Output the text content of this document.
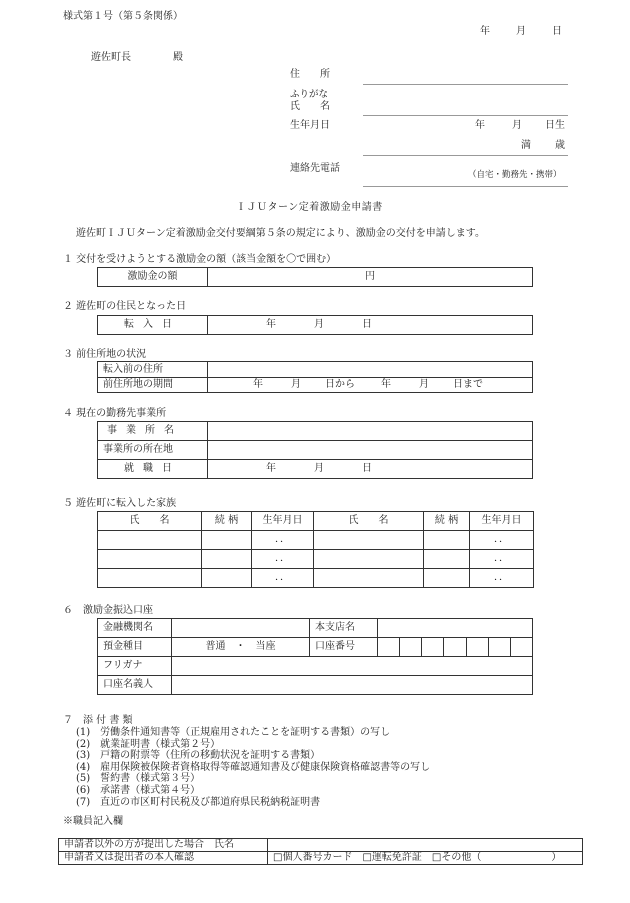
様式第１号（第５条関係）
年	月	日
遊佐町長	殿
住　　所
ふりがな
氏　　名
生年月日	年	月 日生
満 歳
連絡先電話
（自宅・勤務先・携帯）
ＩＪＵターン定着激励金申請書
遊佐町ＩＪＵターン定着激励金交付要綱第５条の規定により、激励金の交付を申請します。
１ 交付を受けようとする激励金の額（該当金額を〇で囲む）
激励金の額	円
２ 遊佐町の住民となった日
転入日	年	月	日
３ 前住所地の状況
転入前の住所	
前住所地の期間	年 月 日から 年 月 日まで
４ 現在の勤務先事業所
事業所名	
事業所の所在地	
就職日	年 月 日
５ 遊佐町に転入した家族
氏　　名	続 柄	生年月日	氏　　名	続 柄	生年月日
		．．			．．
		．．			．．
		．．			．．
６　激励金振込口座
金融機関名		本支店名							
預金種目	普通　・　当座	口座番号							
フリガナ									
口座名義人									
７　添 付 書 類
(1)　労働条件通知書等（正規雇用されたことを証明する書類）の写し
(2)　就業証明書（様式第２号）
(3)　戸籍の附票等（住所の移動状況を証明する書類）
(4)　雇用保険被保険者資格取得等確認通知書及び健康保険資格確認書等の写し
(5)　誓約書（様式第３号）
(6)　承諾書（様式第４号）
(7)　直近の市区町村民税及び都道府県民税納税証明書
※職員記入欄
申請者以外の方が提出した場合　氏名	
申請者又は提出者の本人確認	□個人番号カード　□運転免許証　□その他（　　　　　　　）
